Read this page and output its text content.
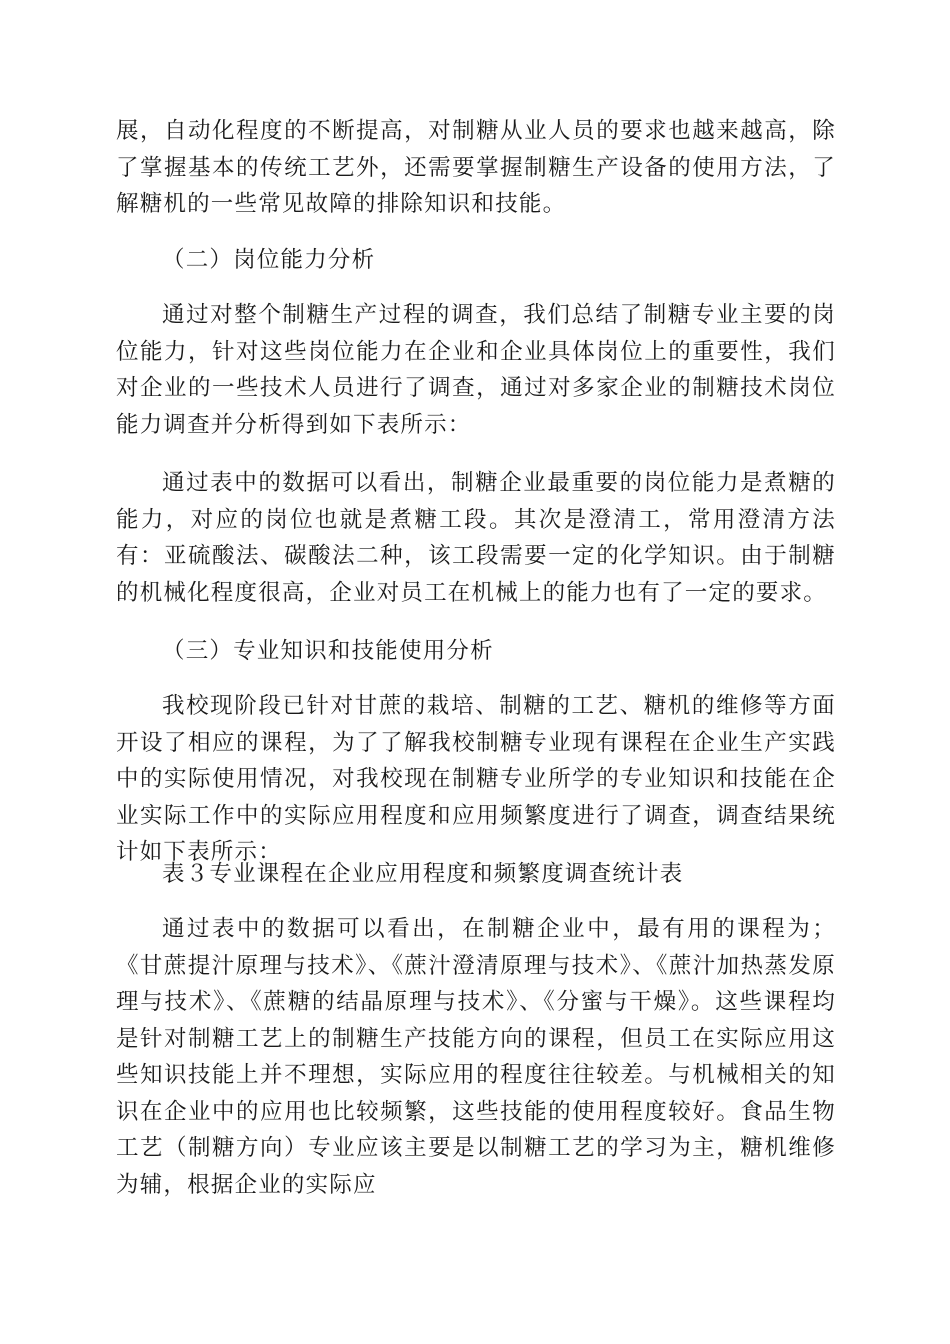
展，自动化程度的不断提高，对制糖从业人员的要求也越来越高，除了掌握基本的传统工艺外，还需要掌握制糖生产设备的使用方法，了解糖机的一些常见故障的排除知识和技能。

（二）岗位能力分析

通过对整个制糖生产过程的调查，我们总结了制糖专业主要的岗位能力，针对这些岗位能力在企业和企业具体岗位上的重要性，我们对企业的一些技术人员进行了调查，通过对多家企业的制糖技术岗位能力调查并分析得到如下表所示：

通过表中的数据可以看出，制糖企业最重要的岗位能力是煮糖的能力，对应的岗位也就是煮糖工段。其次是澄清工，常用澄清方法有：亚硫酸法、碳酸法二种，该工段需要一定的化学知识。由于制糖的机械化程度很高，企业对员工在机械上的能力也有了一定的要求。

（三）专业知识和技能使用分析

我校现阶段已针对甘蔗的栽培、制糖的工艺、糖机的维修等方面开设了相应的课程，为了了解我校制糖专业现有课程在企业生产实践中的实际使用情况，对我校现在制糖专业所学的专业知识和技能在企业实际工作中的实际应用程度和应用频繁度进行了调查，调查结果统计如下表所示：

表３专业课程在企业应用程度和频繁度调查统计表

通过表中的数据可以看出，在制糖企业中，最有用的课程为；《甘蔗提汁原理与技术》、《蔗汁澄清原理与技术》、《蔗汁加热蒸发原理与技术》、《蔗糖的结晶原理与技术》、《分蜜与干燥》。这些课程均是针对制糖工艺上的制糖生产技能方向的课程，但员工在实际应用这些知识技能上并不理想，实际应用的程度往往较差。与机械相关的知识在企业中的应用也比较频繁，这些技能的使用程度较好。食品生物工艺（制糖方向）专业应该主要是以制糖工艺的学习为主，糖机维修为辅，根据企业的实际应
